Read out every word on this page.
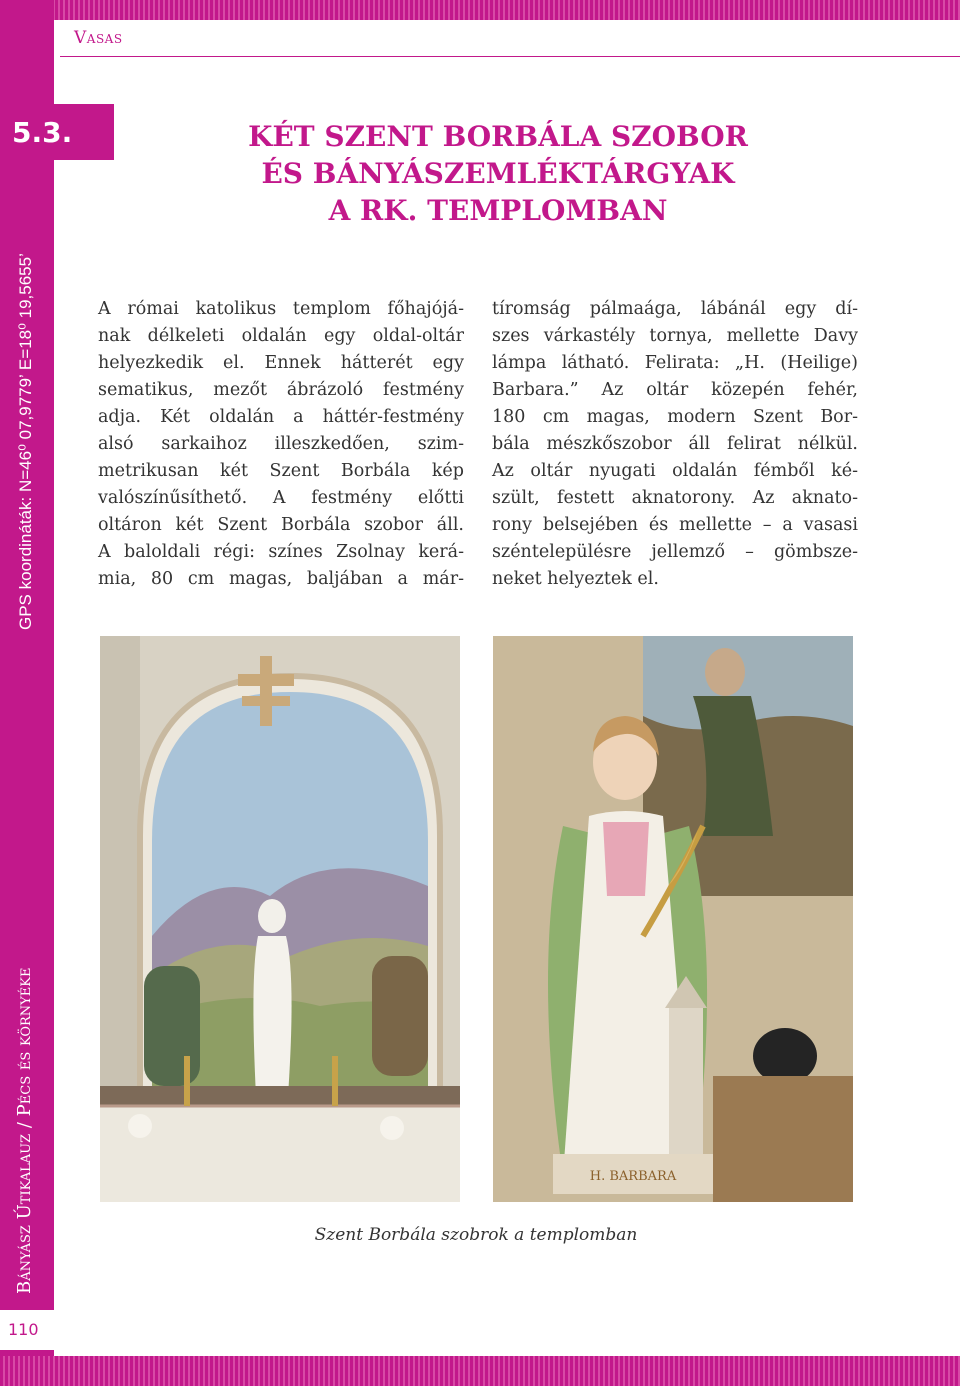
Vasas
5.3.	KÉT SZENT BORBÁLA SZOBOR
ÉS BÁNYÁSZEMLÉKTÁRGYAK
A RK. TEMPLOMBAN
GPS koordináták: N=46⁰ 07,9779’ E=18⁰ 19,5655’
Bányász Útikalauz / Pécs és környéke
110
A római katolikus templom főhajójá-
nak délkeleti oldalán egy oldal-oltár
helyezkedik el. Ennek hátterét egy
sematikus, mezőt ábrázoló festmény
adja. Két oldalán a háttér-festmény
alsó sarkaihoz illeszkedően, szim-
metrikusan két Szent Borbála kép
valószínűsíthető. A festmény előtti
oltáron két Szent Borbála szobor áll.
A baloldali régi: színes Zsolnay kerá-
mia, 80 cm magas, baljában a már-
tíromság pálmaága, lábánál egy dí-
szes várkastély tornya, mellette Davy
lámpa látható. Felirata: „H. (Heilige)
Barbara.” Az oltár közepén fehér,
180 cm magas, modern Szent Bor-
bála mészkőszobor áll felirat nélkül.
Az oltár nyugati oldalán fémből ké-
szült, festett aknatorony. Az aknato-
rony belsejében és mellette – a vasasi
széntelepülésre jellemző – gömbsze-
neket helyeztek el.
H. BARBARA
Szent Borbála szobrok a templomban
